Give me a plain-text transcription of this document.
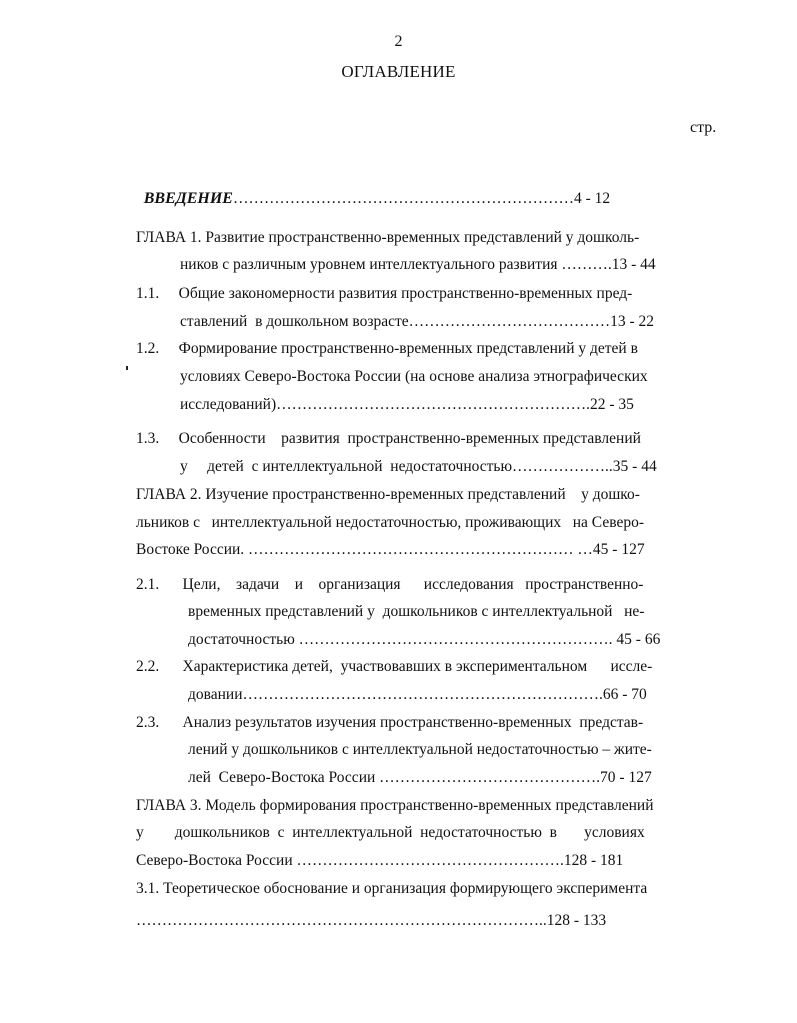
2
ОГЛАВЛЕНИЕ
стр.

ВВЕДЕНИЕ…………………………………………………………4 - 12

ГЛАВА 1. Развитие пространственно-временных представлений у дошколь-
ников с различным уровнем интеллектуального развития ……….13 - 44
1.1.     Общие закономерности развития пространственно-временных пред-
ставлений  в дошкольном возрасте…………………………………13 - 22
1.2.     Формирование пространственно-временных представлений у детей в
условиях Северо-Востока России (на основе анализа этнографических
исследований)…………………………………………………….22 - 35
1.3.     Особенности    развития  пространственно-временных представлений
у     детей  с интеллектуальной  недостаточностью………………..35 - 44
ГЛАВА 2. Изучение пространственно-временных представлений    у дошко-
льников с   интеллектуальной недостаточностью, проживающих   на Северо-
Востоке России. ……………………………………………………… …45 - 127
2.1.      Цели,    задачи    и    организация      исследования   пространственно-
временных представлений у  дошкольников с интеллектуальной   не-
достаточностью ……………………………………………………. 45 - 66
2.2.      Характеристика детей,  участвовавших в экспериментальном      иссле-
довании…………………………………………………………….66 - 70
2.3.      Анализ результатов изучения пространственно-временных  представ-
лений у дошкольников с интеллектуальной недостаточностью – жите-
лей  Северо-Востока России …………………………………….70 - 127
ГЛАВА 3. Модель формирования пространственно-временных представлений
у        дошкольников  с  интеллектуальной  недостаточностью  в       условиях
Северо-Востока России …………………………………………….128 - 181
3.1. Теоретическое обоснование и организация формирующего эксперимента
……………………………………………………………………..128 - 133
